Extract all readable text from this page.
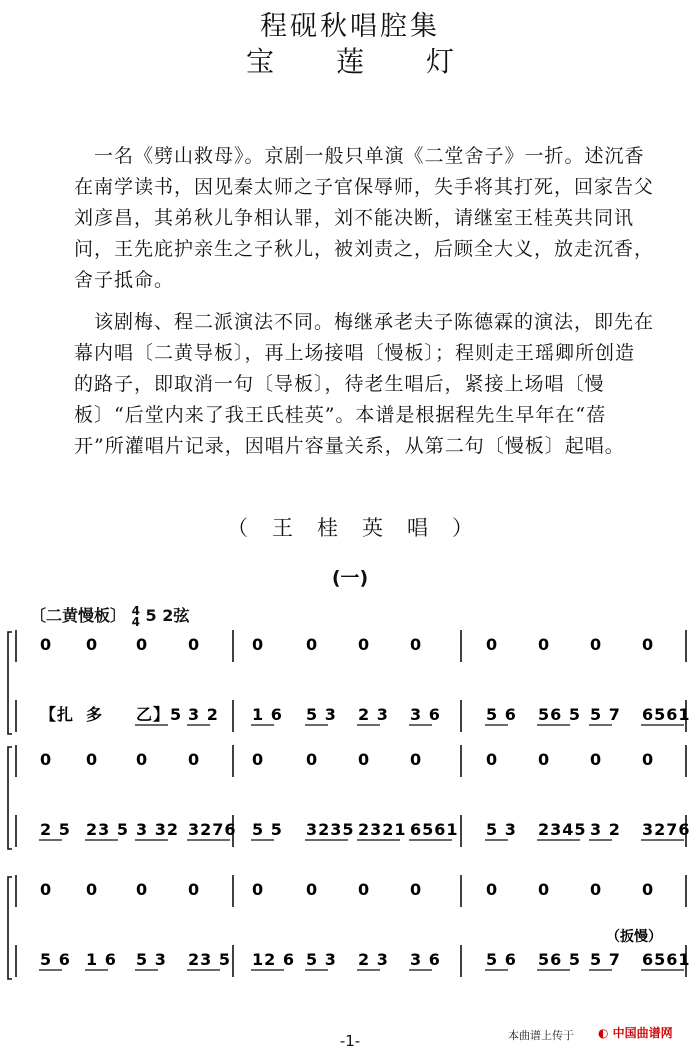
程砚秋唱腔集
宝莲灯
一名《劈山救母》。京剧一般只单演《二堂舍子》一折。述沉香在南学读书，因见秦太师之子官保辱师，失手将其打死，回家告父刘彦昌，其弟秋儿争相认罪，刘不能决断，请继室王桂英共同讯问，王先庇护亲生之子秋儿，被刘责之，后顾全大义，放走沉香，舍子抵命。
该剧梅、程二派演法不同。梅继承老夫子陈德霖的演法，即先在幕内唱〔二黄导板〕，再上场接唱〔慢板〕；程则走王瑶卿所创造的路子，即取消一句〔导板〕，待老生唱后，紧接上场唱〔慢板〕“后堂内来了我王氏桂英”。本谱是根据程先生早年在“蓓开”所灌唱片记录，因唱片容量关系，从第二句〔慢板〕起唱。
（王桂英唱）
(一)
〔二黄慢板〕 4
4 5 2弦
0 0 0	0	0	0	0	0	0	0	0	0
【扎 多 乙】5 3 2 1 6 5 3 2 3 3 6	5 6 56 5 5 7 6561
0 0 0	0	0	0	0	0	0	0	0	0
2 5 23 5 3 32 3276 5 5 3235 2321 6561 5 3 2345 3 2 3276
0 0 0	0	0	0	0	0	0	0	0	0
5 6 1 6 5 3 23 5 12 6 5 3 2 3 3 6	5 6 56 5 5 7 6561
（扳慢）
-1-	本曲谱上传于 ◐ 中国曲谱网
